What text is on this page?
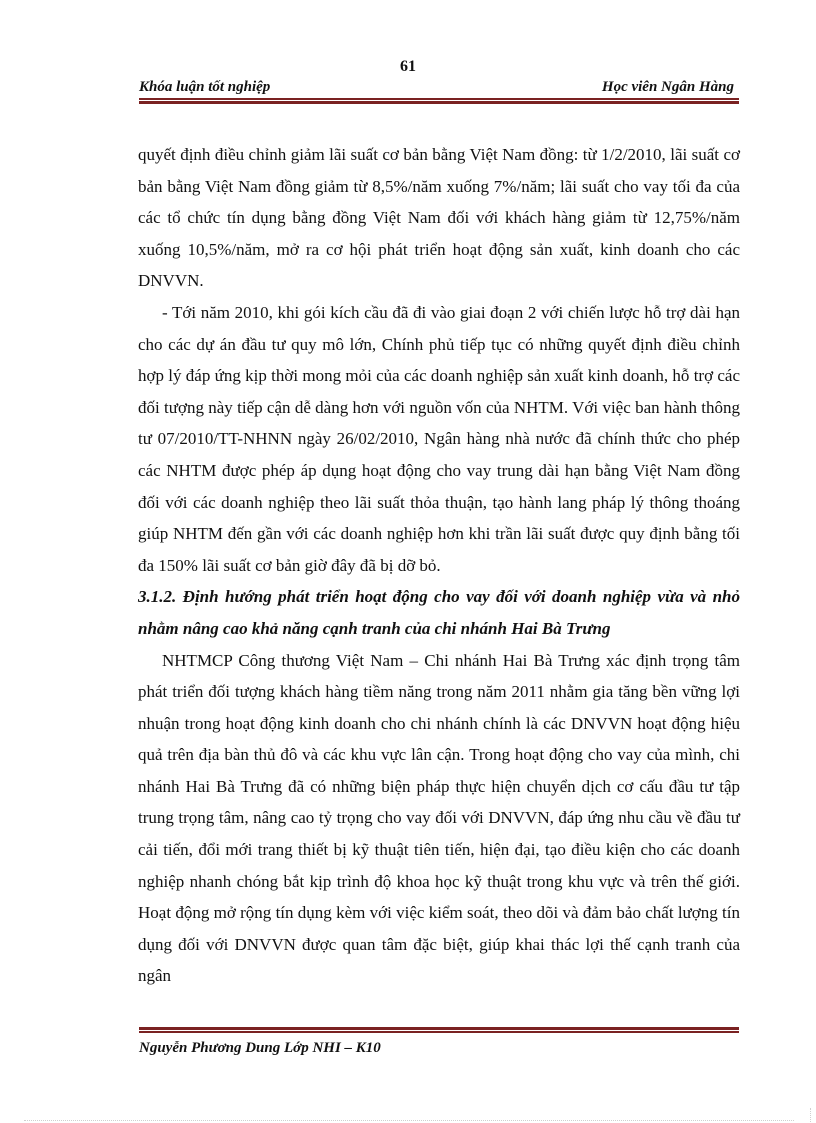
61
Khóa luận tốt nghiệp	Học viên Ngân Hàng

quyết định điều chỉnh giảm lãi suất cơ bản bằng Việt Nam đồng: từ 1/2/2010, lãi suất cơ bản bằng Việt Nam đồng giảm từ 8,5%/năm xuống 7%/năm; lãi suất cho vay tối đa của các tổ chức tín dụng bằng đồng Việt Nam đối với khách hàng giảm từ 12,75%/năm xuống 10,5%/năm, mở ra cơ hội phát triển hoạt động sản xuất, kinh doanh cho các DNVVN.

- Tới năm 2010, khi gói kích cầu đã đi vào giai đoạn 2 với chiến lược hỗ trợ dài hạn cho các dự án đầu tư quy mô lớn, Chính phủ tiếp tục có những quyết định điều chỉnh hợp lý đáp ứng kịp thời mong mỏi của các doanh nghiệp sản xuất kinh doanh, hỗ trợ các đối tượng này tiếp cận dễ dàng hơn với nguồn vốn của NHTM. Với việc ban hành thông tư 07/2010/TT-NHNN ngày 26/02/2010, Ngân hàng nhà nước đã chính thức cho phép các NHTM được phép áp dụng hoạt động cho vay trung dài hạn bằng Việt Nam đồng đối với các doanh nghiệp theo lãi suất thỏa thuận, tạo hành lang pháp lý thông thoáng giúp NHTM đến gần với các doanh nghiệp hơn khi trần lãi suất được quy định bằng tối đa 150% lãi suất cơ bản giờ đây đã bị dỡ bỏ.

3.1.2. Định hướng phát triển hoạt động cho vay đối với doanh nghiệp vừa và nhỏ nhằm nâng cao khả năng cạnh tranh của chi nhánh Hai Bà Trưng

NHTMCP Công thương Việt Nam – Chi nhánh Hai Bà Trưng xác định trọng tâm phát triển đối tượng khách hàng tiềm năng trong năm 2011 nhằm gia tăng bền vững lợi nhuận trong hoạt động kinh doanh cho chi nhánh chính là các DNVVN hoạt động hiệu quả trên địa bàn thủ đô và các khu vực lân cận. Trong hoạt động cho vay của mình, chi nhánh Hai Bà Trưng đã có những biện pháp thực hiện chuyển dịch cơ cấu đầu tư tập trung trọng tâm, nâng cao tỷ trọng cho vay đối với DNVVN, đáp ứng nhu cầu về đầu tư cải tiến, đổi mới trang thiết bị kỹ thuật tiên tiến, hiện đại, tạo điều kiện cho các doanh nghiệp nhanh chóng bắt kịp trình độ khoa học kỹ thuật trong khu vực và trên thế giới. Hoạt động mở rộng tín dụng kèm với việc kiểm soát, theo dõi và đảm bảo chất lượng tín dụng đối với DNVVN được quan tâm đặc biệt, giúp khai thác lợi thế cạnh tranh của ngân

Nguyễn Phương Dung Lớp NHI – K10
